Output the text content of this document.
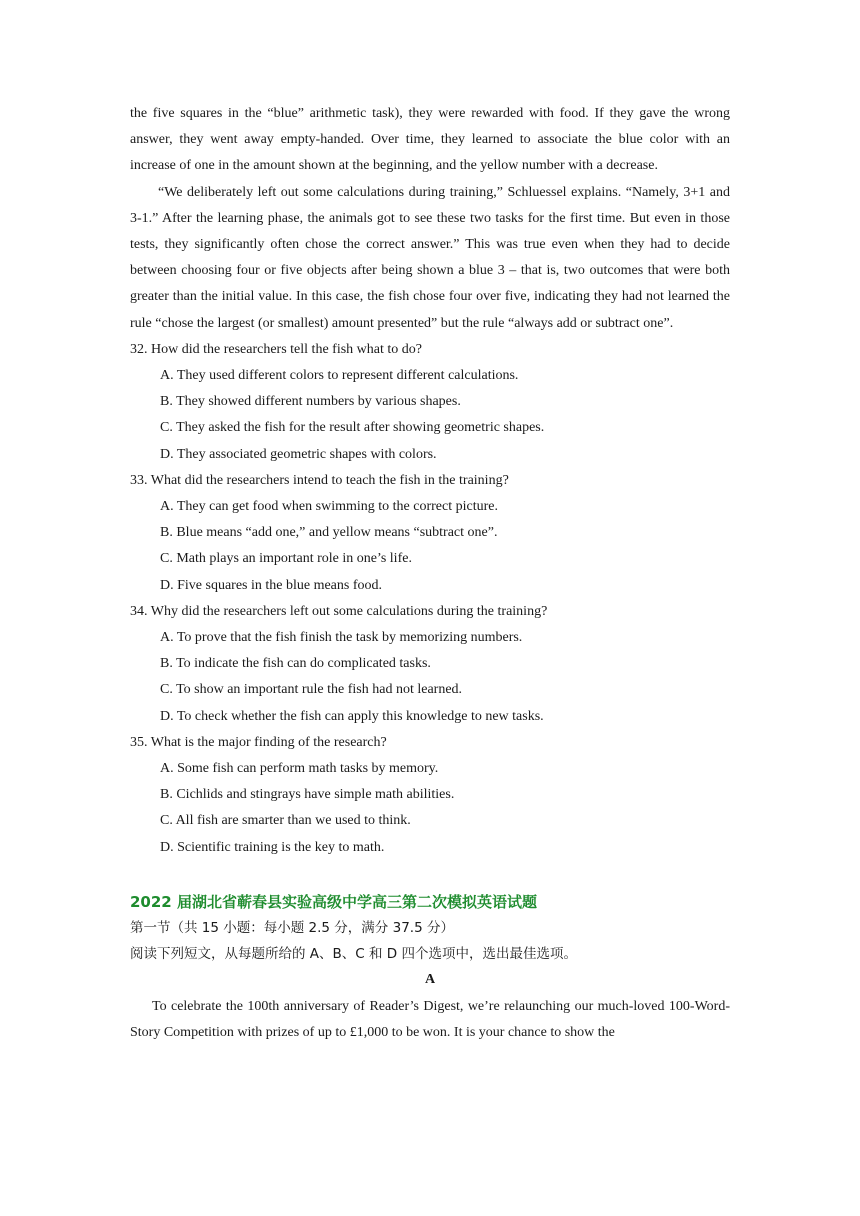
the five squares in the “blue” arithmetic task), they were rewarded with food. If they gave the wrong answer, they went away empty-handed. Over time, they learned to associate the blue color with an increase of one in the amount shown at the beginning, and the yellow number with a decrease.

“We deliberately left out some calculations during training,” Schluessel explains. “Namely, 3+1 and 3-1.” After the learning phase, the animals got to see these two tasks for the first time. But even in those tests, they significantly often chose the correct answer.” This was true even when they had to decide between choosing four or five objects after being shown a blue 3 – that is, two outcomes that were both greater than the initial value. In this case, the fish chose four over five, indicating they had not learned the rule “chose the largest (or smallest) amount presented” but the rule “always add or subtract one”.

32. How did the researchers tell the fish what to do?

A. They used different colors to represent different calculations.

B. They showed different numbers by various shapes.

C. They asked the fish for the result after showing geometric shapes.

D. They associated geometric shapes with colors.

33. What did the researchers intend to teach the fish in the training?

A. They can get food when swimming to the correct picture.

B. Blue means “add one,” and yellow means “subtract one”.

C. Math plays an important role in one’s life.

D. Five squares in the blue means food.

34. Why did the researchers left out some calculations during the training?

A. To prove that the fish finish the task by memorizing numbers.

B. To indicate the fish can do complicated tasks.

C. To show an important rule the fish had not learned.

D. To check whether the fish can apply this knowledge to new tasks.

35. What is the major finding of the research?

A. Some fish can perform math tasks by memory.

B. Cichlids and stingrays have simple math abilities.

C. All fish are smarter than we used to think.

D. Scientific training is the key to math.

2022 届湖北省蕲春县实验高级中学高三第二次模拟英语试题

第一节（共 15 小题：每小题 2.5 分，满分 37.5 分）

阅读下列短文，从每题所给的 A、B、C 和 D 四个选项中，选出最佳选项。

A

To celebrate the 100th anniversary of Reader’s Digest, we’re relaunching our much-loved 100-Word-Story Competition with prizes of up to £1,000 to be won. It is your chance to show the
